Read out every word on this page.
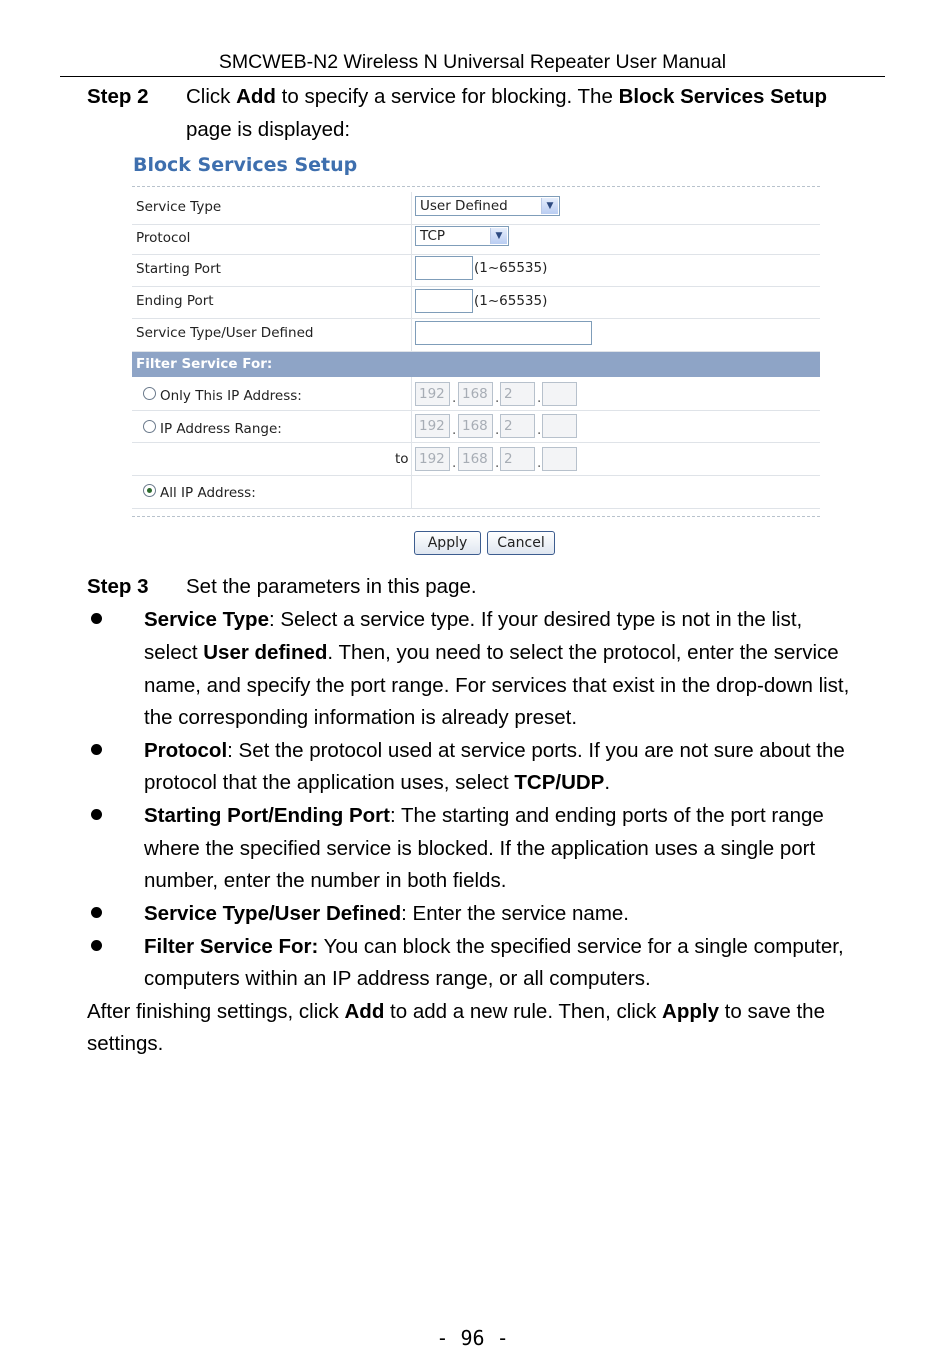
SMCWEB-N2 Wireless N Universal Repeater User Manual
Step 2 Click Add to specify a service for blocking. The Block Services Setup
page is displayed:
Block Services Setup
Service Type	User Defined	▼
Protocol	TCP	▼
Starting Port	(1~65535)
Ending Port	(1~65535)
Service Type/User Defined
Filter Service For:
Only This IP Address:	192 . 168 . 2	.
IP Address Range:	192 . 168 . 2	.
to 192 . 168 . 2	.
All IP Address:
Apply	Cancel
Step 3 Set the parameters in this page.
Service Type: Select a service type. If your desired type is not in the list,
select User defined. Then, you need to select the protocol, enter the service
name, and specify the port range. For services that exist in the drop-down list,
the corresponding information is already preset.
Protocol: Set the protocol used at service ports. If you are not sure about the
protocol that the application uses, select TCP/UDP.
Starting Port/Ending Port: The starting and ending ports of the port range
where the specified service is blocked. If the application uses a single port
number, enter the number in both fields.
Service Type/User Defined: Enter the service name.
Filter Service For: You can block the specified service for a single computer,
computers within an IP address range, or all computers.
After finishing settings, click Add to add a new rule. Then, click Apply to save the
settings.
- 96 -
